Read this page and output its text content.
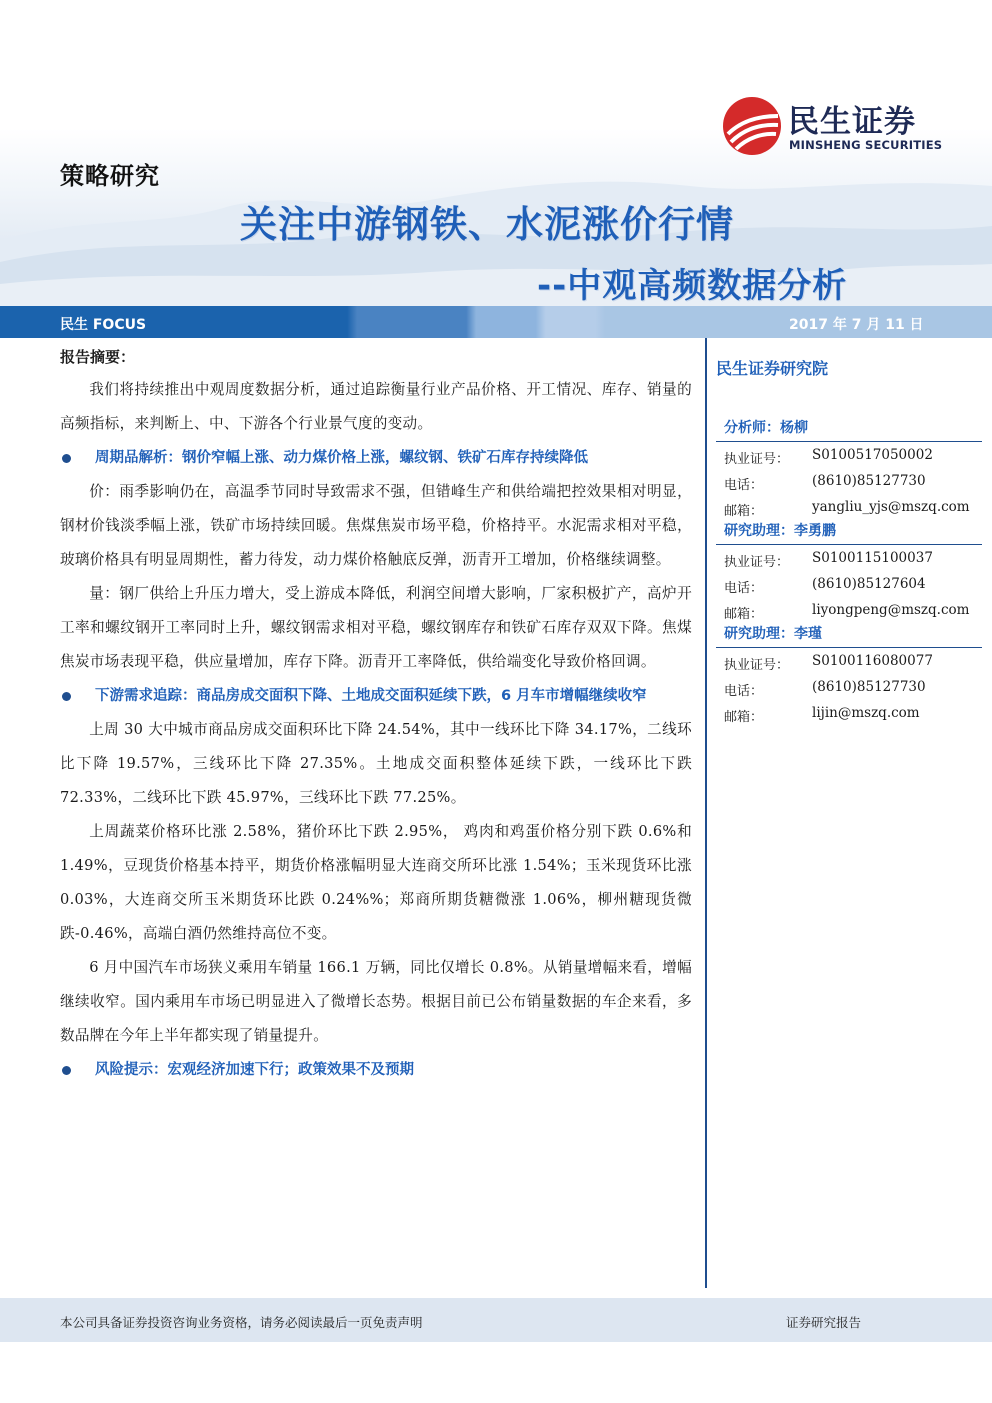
民生证券
MINSHENG SECURITIES
策略研究
关注中游钢铁、水泥涨价行情
--中观高频数据分析
民生 FOCUS	2017 年 7 月 11 日

报告摘要：

我们将持续推出中观周度数据分析，通过追踪衡量行业产品价格、开工情况、库存、销量的高频指标，来判断上、中、下游各个行业景气度的变动。

周期品解析：钢价窄幅上涨、动力煤价格上涨，螺纹钢、铁矿石库存持续降低

价：雨季影响仍在，高温季节同时导致需求不强，但错峰生产和供给端把控效果相对明显，钢材价钱淡季幅上涨，铁矿市场持续回暖。焦煤焦炭市场平稳，价格持平。水泥需求相对平稳，玻璃价格具有明显周期性，蓄力待发，动力煤价格触底反弹，沥青开工增加，价格继续调整。

量：钢厂供给上升压力增大，受上游成本降低，利润空间增大影响，厂家积极扩产，高炉开工率和螺纹钢开工率同时上升，螺纹钢需求相对平稳，螺纹钢库存和铁矿石库存双双下降。焦煤焦炭市场表现平稳，供应量增加，库存下降。沥青开工率降低，供给端变化导致价格回调。

下游需求追踪：商品房成交面积下降、土地成交面积延续下跌，6 月车市增幅继续收窄

上周 30 大中城市商品房成交面积环比下降 24.54%，其中一线环比下降 34.17%，二线环比下降 19.57%，三线环比下降 27.35%。土地成交面积整体延续下跌，一线环比下跌 72.33%，二线环比下跌 45.97%，三线环比下跌 77.25%。

上周蔬菜价格环比涨 2.58%，猪价环比下跌 2.95%， 鸡肉和鸡蛋价格分别下跌 0.6%和 1.49%，豆现货价格基本持平，期货价格涨幅明显大连商交所环比涨 1.54%；玉米现货环比涨 0.03%，大连商交所玉米期货环比跌 0.24%%；郑商所期货糖微涨 1.06%，柳州糖现货微跌-0.46%，高端白酒仍然维持高位不变。

6 月中国汽车市场狭义乘用车销量 166.1 万辆，同比仅增长 0.8%。从销量增幅来看，增幅继续收窄。国内乘用车市场已明显进入了微增长态势。根据目前已公布销量数据的车企来看，多数品牌在今年上半年都实现了销量提升。

风险提示：宏观经济加速下行；政策效果不及预期

民生证券研究院

分析师：杨柳

执业证号： S0100517050002
电话：	(8610)85127730
邮箱：	yangliu_yjs@mszq.com

研究助理：李勇鹏

执业证号： S0100115100037
电话：	(8610)85127604
邮箱：	liyongpeng@mszq.com

研究助理：李瑾

执业证号： S0100116080077
电话：	(8610)85127730
邮箱：	lijin@mszq.com
本公司具备证券投资咨询业务资格，请务必阅读最后一页免责声明	证券研究报告
